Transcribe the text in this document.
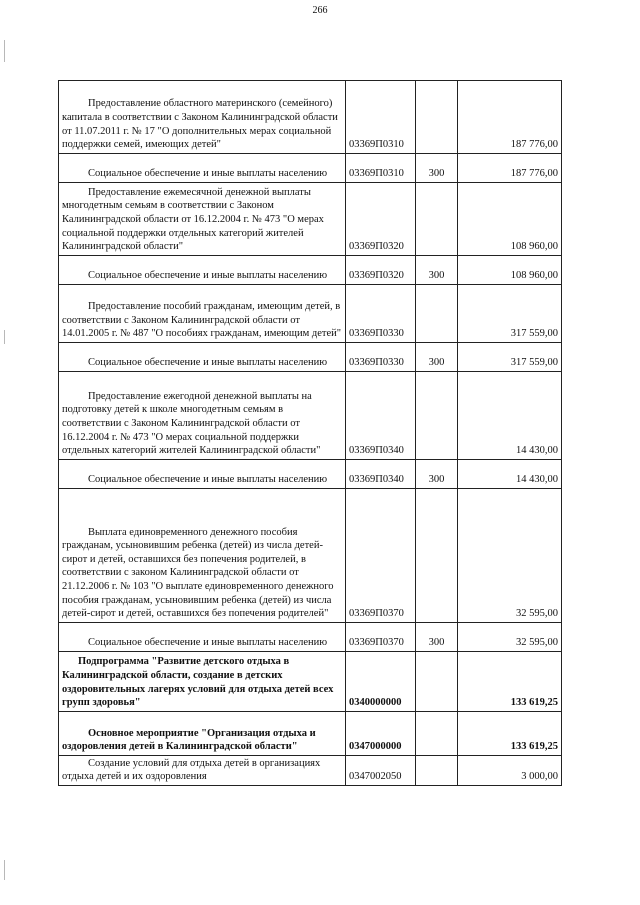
266
Предоставление областного материнского (семейного) капитала в соответствии с Законом Калининградской области от 11.07.2011 г. № 17 "О дополнительных мерах социальной поддержки семей, имеющих детей"	03369П0310		187 776,00
Социальное обеспечение и иные выплаты населению	03369П0310	300	187 776,00
Предоставление ежемесячной денежной выплаты многодетным семьям в соответствии с Законом Калининградской области от 16.12.2004 г. № 473 "О мерах социальной поддержки отдельных категорий жителей Калининградской области"	03369П0320		108 960,00
Социальное обеспечение и иные выплаты населению	03369П0320	300	108 960,00
Предоставление пособий гражданам, имеющим детей, в соответствии с Законом Калининградской области от 14.01.2005 г. № 487 "О пособиях гражданам, имеющим детей"	03369П0330		317 559,00
Социальное обеспечение и иные выплаты населению	03369П0330	300	317 559,00
Предоставление ежегодной денежной выплаты на подготовку детей к школе многодетным семьям в соответствии с Законом Калининградской области от 16.12.2004 г. № 473 "О мерах социальной поддержки отдельных категорий жителей Калининградской области"	03369П0340		14 430,00
Социальное обеспечение и иные выплаты населению	03369П0340	300	14 430,00
Выплата единовременного денежного пособия гражданам, усыновившим ребенка (детей) из числа детей-сирот и детей, оставшихся без попечения родителей, в соответствии с законом Калининградской области от 21.12.2006 г. № 103 "О выплате единовременного денежного пособия гражданам, усыновившим ребенка (детей) из числа детей-сирот и детей, оставшихся без попечения родителей"	03369П0370		32 595,00
Социальное обеспечение и иные выплаты населению	03369П0370	300	32 595,00
Подпрограмма "Развитие детского отдыха в Калининградской области, создание в детских оздоровительных лагерях условий для отдыха детей всех групп здоровья"	0340000000		133 619,25
Основное мероприятие "Организация отдыха и оздоровления детей в Калининградской области"	0347000000		133 619,25
Создание условий для отдыха детей в организациях отдыха детей и их оздоровления	0347002050		3 000,00
